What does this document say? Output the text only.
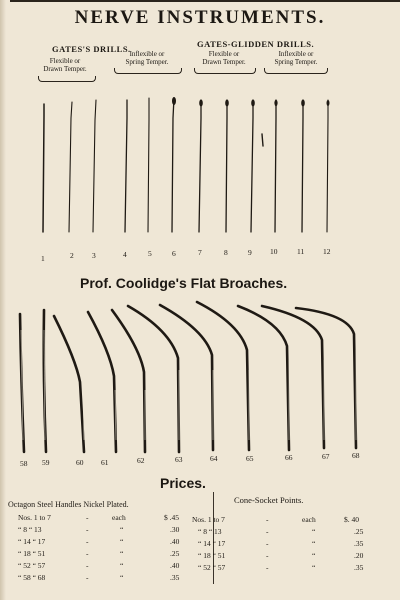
NERVE INSTRUMENTS.
GATES'S DRILLS.
Flexible or
Drawn Temper.
Inflexible or
Spring Temper.
GATES-GLIDDEN DRILLS.
Flexible or
Drawn Temper.
Inflexible or
Spring Temper.
1	2 3	4	5	6	7	8	9 10	11	12
Prof. Coolidge's Flat Broaches.
58 59	60 61	62	63	64	65	66	67	68
Prices.
Octagon Steel Handles Nickel Plated.	Cone-Socket Points.
Nos. 1 to 7	-	each	$ .45
“ 8 “ 13	-	“	.30
“ 14 “ 17	-	“	.40
“ 18 “ 51	-	“	.25
“ 52 “ 57	-	“	.40
“ 58 “ 68	-	“	.35
Nos. 1 to 7	-	each	$. 40
“ 8 “ 13	-	“	.25
“ 14 “ 17	-	“	.35
“ 18 “ 51	-	“	.20
“ 52 “ 57	-	“	.35
